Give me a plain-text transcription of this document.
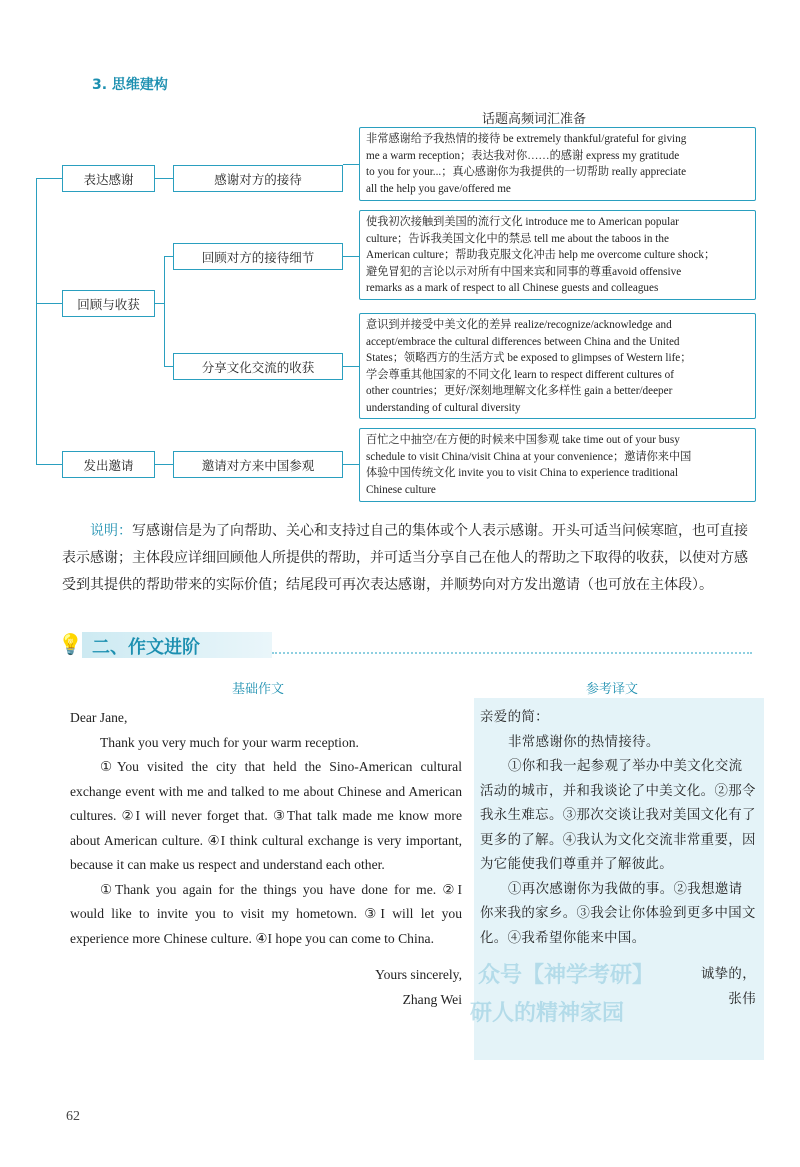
3. 思维建构
话题高频词汇准备
表达感谢
回顾与收获
发出邀请
感谢对方的接待
回顾对方的接待细节
分享文化交流的收获
邀请对方来中国参观
非常感谢给予我热情的接待 be extremely thankful/grateful for giving
me a warm reception；表达我对你……的感谢 express my gratitude
to you for your...；真心感谢你为我提供的一切帮助 really appreciate
all the help you gave/offered me
使我初次接触到美国的流行文化 introduce me to American popular
culture；告诉我美国文化中的禁忌 tell me about the taboos in the
American culture；帮助我克服文化冲击 help me overcome culture shock；
避免冒犯的言论以示对所有中国来宾和同事的尊重avoid offensive
remarks as a mark of respect to all Chinese guests and colleagues
意识到并接受中美文化的差异 realize/recognize/acknowledge and
accept/embrace the cultural differences between China and the United
States；领略西方的生活方式 be exposed to glimpses of Western life；
学会尊重其他国家的不同文化 learn to respect different cultures of
other countries；更好/深刻地理解文化多样性 gain a better/deeper
understanding of cultural diversity
百忙之中抽空/在方便的时候来中国参观 take time out of your busy
schedule to visit China/visit China at your convenience；邀请你来中国
体验中国传统文化 invite you to visit China to experience traditional
Chinese culture
说明：写感谢信是为了向帮助、关心和支持过自己的集体或个人表示感谢。开头可适当问候寒暄，也可直接表示感谢；主体段应详细回顾他人所提供的帮助，并可适当分享自己在他人的帮助之下取得的收获，以使对方感受到其提供的帮助带来的实际价值；结尾段可再次表达感谢，并顺势向对方发出邀请（也可放在主体段）。
💡 二、作文进阶
基础作文	参考译文

Dear Jane,

Thank you very much for your warm reception.

①You visited the city that held the Sino-American cultural exchange event with me and talked to me about Chinese and American cultures. ②I will never forget that. ③That talk made me know more about American culture. ④I think cultural exchange is very important, because it can make us respect and understand each other.

①Thank you again for the things you have done for me. ②I would like to invite you to visit my hometown. ③I will let you experience more Chinese culture. ④I hope you can come to China.

Yours sincerely,

Zhang Wei

众号【神学考研】
研人的精神家园

亲爱的简：

非常感谢你的热情接待。

①你和我一起参观了举办中美文化交流活动的城市，并和我谈论了中美文化。②那令我永生难忘。③那次交谈让我对美国文化有了更多的了解。④我认为文化交流非常重要，因为它能使我们尊重并了解彼此。

①再次感谢你为我做的事。②我想邀请你来我的家乡。③我会让你体验到更多中国文化。④我希望你能来中国。

诚挚的，

张伟

62
